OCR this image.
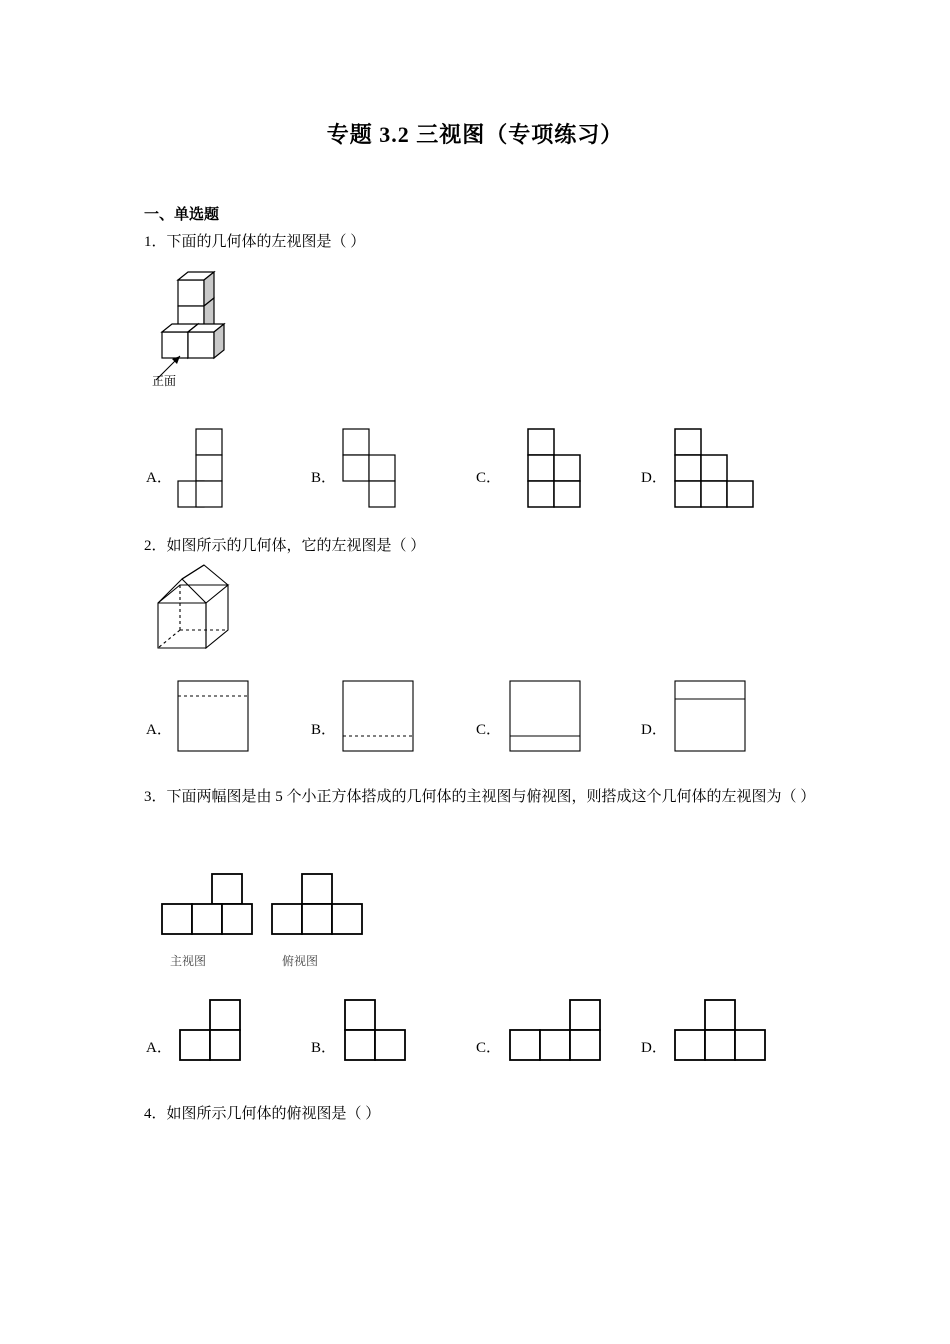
专题 3.2 三视图（专项练习）
一、单选题
1．下面的几何体的左视图是（ ）
正面
A．	B．	C．	D．
2．如图所示的几何体，它的左视图是（ ）
A．	B．	C．	D．
3．下面两幅图是由 5 个小正方体搭成的几何体的主视图与俯视图，则搭成这个几何体的左视图为（ ）
主视图	俯视图
A．	B．	C．	D．
4．如图所示几何体的俯视图是（ ）
